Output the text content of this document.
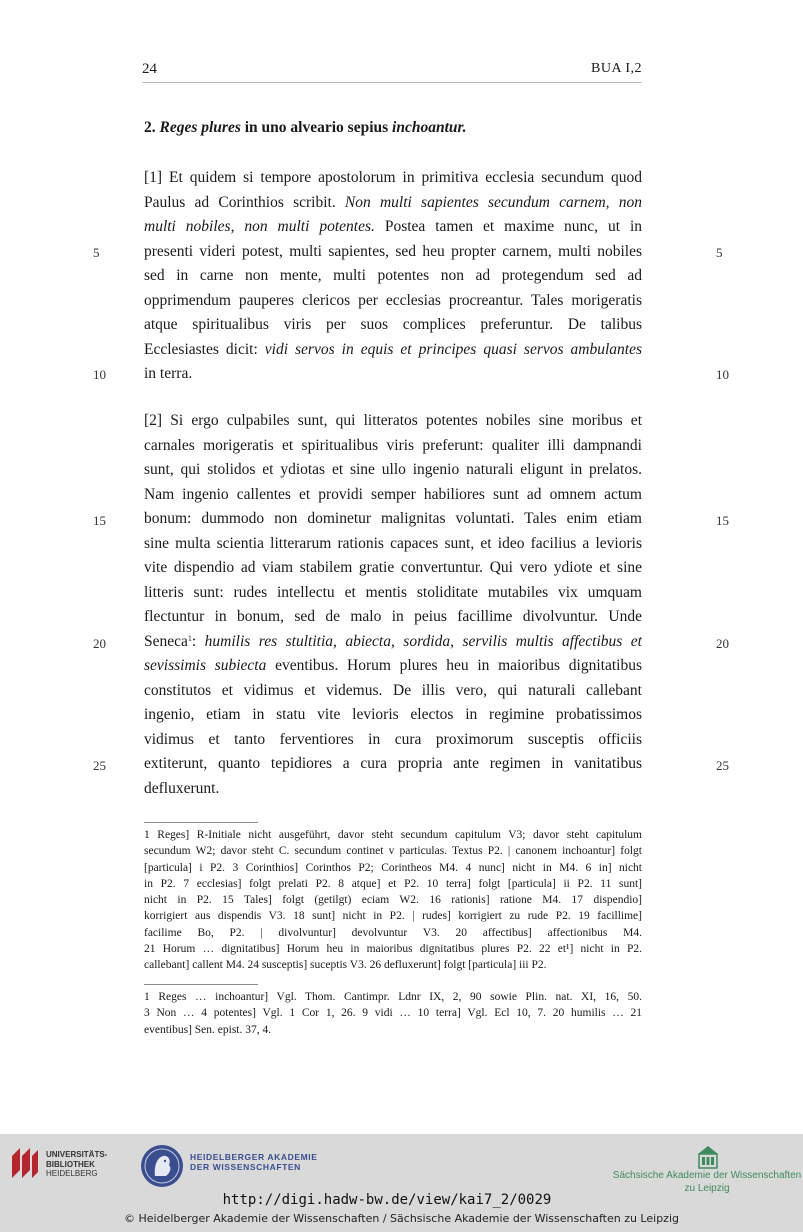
24	BUA I,2
2. Reges plures in uno alveario sepius inchoantur.
[1] Et quidem si tempore apostolorum in primitiva ecclesia secundum quod
Paulus ad Corinthios scribit. Non multi sapientes secundum carnem, non
multi nobiles, non multi potentes. Postea tamen et maxime nunc, ut in
presenti videri potest, multi sapientes, sed heu propter carnem, multi nobiles
sed in carne non mente, multi potentes non ad protegendum sed ad
opprimendum pauperes clericos per ecclesias procreantur. Tales morigeratis
atque spiritualibus viris per suos complices preferuntur. De talibus
Ecclesiastes dicit: vidi servos in equis et principes quasi servos ambulantes
in terra.
[2] Si ergo culpabiles sunt, qui litteratos potentes nobiles sine moribus et
carnales morigeratis et spiritualibus viris preferunt: qualiter illi dampnandi
sunt, qui stolidos et ydiotas et sine ullo ingenio naturali eligunt in prelatos.
Nam ingenio callentes et providi semper habiliores sunt ad omnem actum
bonum: dummodo non dominetur malignitas voluntati. Tales enim etiam
sine multa scientia litterarum rationis capaces sunt, et ideo facilius a levioris
vite dispendio ad viam stabilem gratie convertuntur. Qui vero ydiote et sine
litteris sunt: rudes intellectu et mentis stoliditate mutabiles vix umquam
flectuntur in bonum, sed de malo in peius facillime divolvuntur. Unde
Seneca$^1$: humilis res stultitia, abiecta, sordida, servilis multis affectibus et
sevissimis subiecta eventibus. Horum plures heu in maioribus dignitatibus
constitutos et vidimus et videmus. De illis vero, qui naturali callebant
ingenio, etiam in statu vite levioris electos in regimine probatissimos
vidimus et tanto ferventiores in cura proximorum susceptis officiis
extiterunt, quanto tepidiores a cura propria ante regimen in vanitatibus
defluxerunt.
5	5
10	10
15	15
20	20
25	25
1 Reges] R-Initiale nicht ausgeführt, davor steht secundum capitulum V3; davor steht capitulum
secundum W2; davor steht C. secundum continet v particulas. Textus P2. | canonem inchoantur] folgt
[particula] i P2. 3 Corinthios] Corinthos P2; Corintheos M4. 4 nunc] nicht in M4. 6 in] nicht
in P2. 7 ecclesias] folgt prelati P2. 8 atque] et P2. 10 terra] folgt [particula] ii P2. 11 sunt]
nicht in P2. 15 Tales] folgt (getilgt) eciam W2. 16 rationis] ratione M4. 17 dispendio]
korrigiert aus dispendis V3. 18 sunt] nicht in P2. | rudes] korrigiert zu rude P2. 19 facillime]
facilime Bo, P2. | divolvuntur] devolvuntur V3. 20 affectibus] affectionibus M4.
21 Horum … dignitatibus] Horum heu in maioribus dignitatibus plures P2. 22 et¹] nicht in P2.
callebant] callent M4. 24 susceptis] suceptis V3. 26 defluxerunt] folgt [particula] iii P2.
1 Reges … inchoantur] Vgl. Thom. Cantimpr. Ldnr IX, 2, 90 sowie Plin. nat. XI, 16, 50.
3 Non … 4 potentes] Vgl. 1 Cor 1, 26. 9 vidi … 10 terra] Vgl. Ecl 10, 7. 20 humilis … 21
eventibus] Sen. epist. 37, 4.
UNIVERSITÄTS-
BIBLIOTHEK
HEIDELBERG
HEIDELBERGER AKADEMIE
DER WISSENSCHAFTEN
Sächsische Akademie der Wissenschaften
zu Leipzig
http://digi.hadw-bw.de/view/kai7_2/0029
© Heidelberger Akademie der Wissenschaften / Sächsische Akademie der Wissenschaften zu Leipzig
